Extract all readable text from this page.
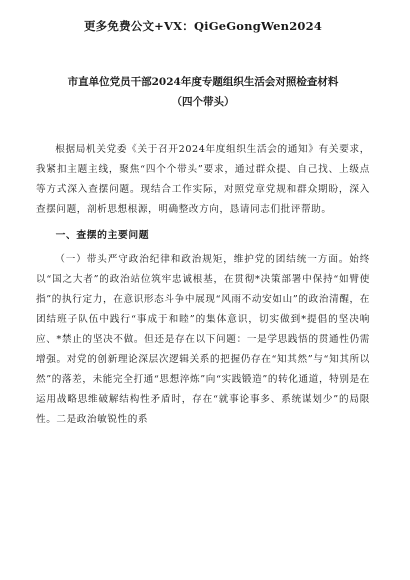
更多免费公文+VX：QiGeGongWen2024
市直单位党员干部2024年度专题组织生活会对照检查材料
（四个带头）

根据局机关党委《关于召开2024年度组织生活会的通知》有关要求，我紧扣主题主线，聚焦“四个个带头”要求，通过群众提、自己找、上级点等方式深入查摆问题。现结合工作实际，对照党章党规和群众期盼，深入查摆问题，剖析思想根源，明确整改方向，恳请同志们批评帮助。

一、查摆的主要问题

（一）带头严守政治纪律和政治规矩，维护党的团结统一方面。始终以“国之大者”的政治站位筑牢忠诚根基，在贯彻*决策部署中保持“如臂使指”的执行定力，在意识形态斗争中展现“风雨不动安如山”的政治清醒，在团结班子队伍中践行“事成于和睦”的集体意识，切实做到*提倡的坚决响应、*禁止的坚决不做。但还是存在以下问题：一是学思践悟的贯通性仍需增强。对党的创新理论深层次逻辑关系的把握仍存在“知其然”与“知其所以然”的落差，未能完全打通“思想淬炼”向“实践锻造”的转化通道，特别是在运用战略思维破解结构性矛盾时，存在“就事论事多、系统谋划少”的局限性。二是政治敏锐性的系
